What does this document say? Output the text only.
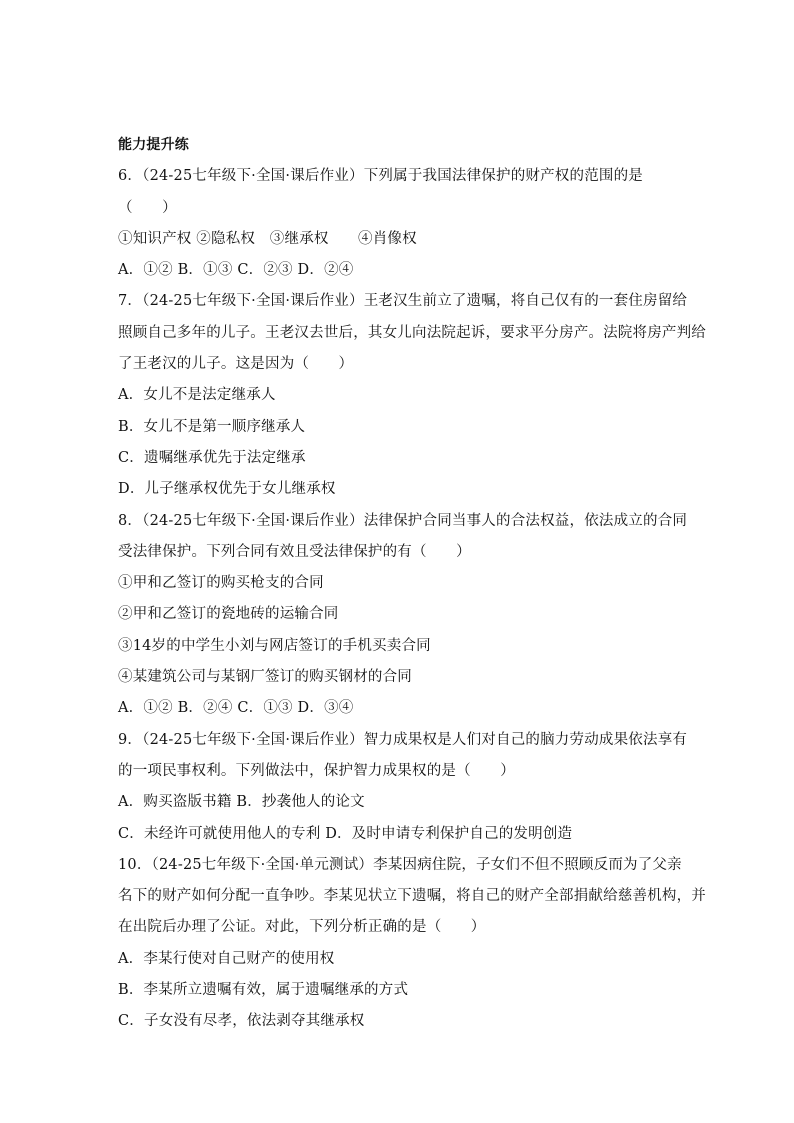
能力提升练
6．（24-25七年级下·全国·课后作业）下列属于我国法律保护的财产权的范围的是
（　　）
①知识产权 ②隐私权　③继承权　　④肖像权
A．①② B．①③ C．②③ D．②④
7．（24-25七年级下·全国·课后作业）王老汉生前立了遗嘱，将自己仅有的一套住房留给
照顾自己多年的儿子。王老汉去世后，其女儿向法院起诉，要求平分房产。法院将房产判给
了王老汉的儿子。这是因为（　　）
A．女儿不是法定继承人
B．女儿不是第一顺序继承人
C．遗嘱继承优先于法定继承
D．儿子继承权优先于女儿继承权
8．（24-25七年级下·全国·课后作业）法律保护合同当事人的合法权益，依法成立的合同
受法律保护。下列合同有效且受法律保护的有（　　）
①甲和乙签订的购买枪支的合同
②甲和乙签订的瓷地砖的运输合同
③14岁的中学生小刘与网店签订的手机买卖合同
④某建筑公司与某钢厂签订的购买钢材的合同
A．①② B．②④ C．①③ D．③④
9．（24-25七年级下·全国·课后作业）智力成果权是人们对自己的脑力劳动成果依法享有
的一项民事权利。下列做法中，保护智力成果权的是（　　）
A．购买盗版书籍 B．抄袭他人的论文
C．未经许可就使用他人的专利 D．及时申请专利保护自己的发明创造
10．（24-25七年级下·全国·单元测试）李某因病住院，子女们不但不照顾反而为了父亲
名下的财产如何分配一直争吵。李某见状立下遗嘱，将自己的财产全部捐献给慈善机构，并
在出院后办理了公证。对此，下列分析正确的是（　　）
A．李某行使对自己财产的使用权
B．李某所立遗嘱有效，属于遗嘱继承的方式
C．子女没有尽孝，依法剥夺其继承权
